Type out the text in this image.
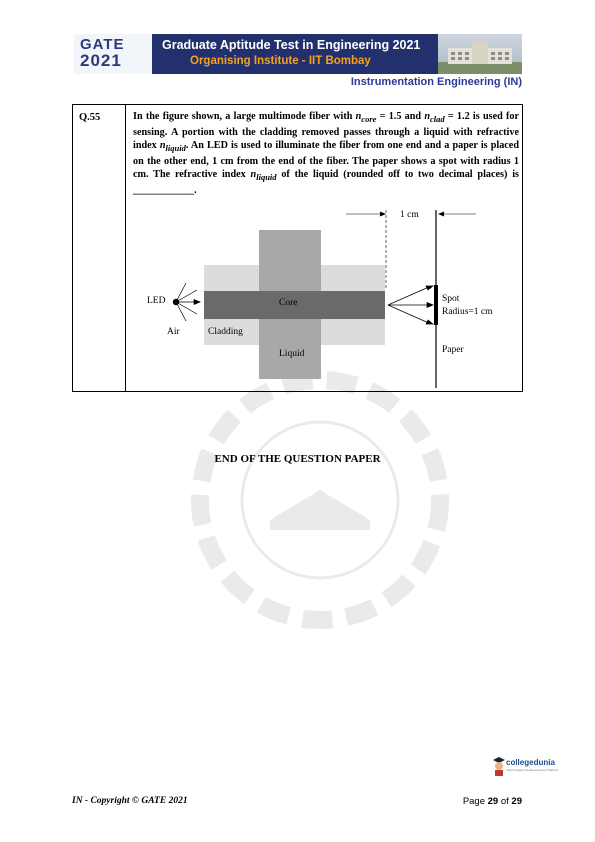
GATE
2021
Graduate Aptitude Test in Engineering 2021
Organising Institute - IIT Bombay
Instrumentation Engineering (IN)
Q.55	In the figure shown, a large multimode fiber with $n_{core} = 1.5$ and $n_{clad} = 1.2$ is used for sensing. A portion with the cladding removed passes through a liquid with refractive index $n_{liquid}$. An LED is used to illuminate the fiber from one end and a paper is placed on the other end, 1 cm from the end of the fiber. The paper shows a spot with radius 1 cm. The refractive index $n_{liquid}$ of the liquid (rounded off to two decimal places) is ____________.
1 cm
LED	Core	Spot
Radius=1 cm
Air	Cladding
Paper
Liquid
END OF THE QUESTION PAPER
collegedunia
India's largest Student Review Platform
IN - Copyright © GATE 2021	Page 29 of 29
